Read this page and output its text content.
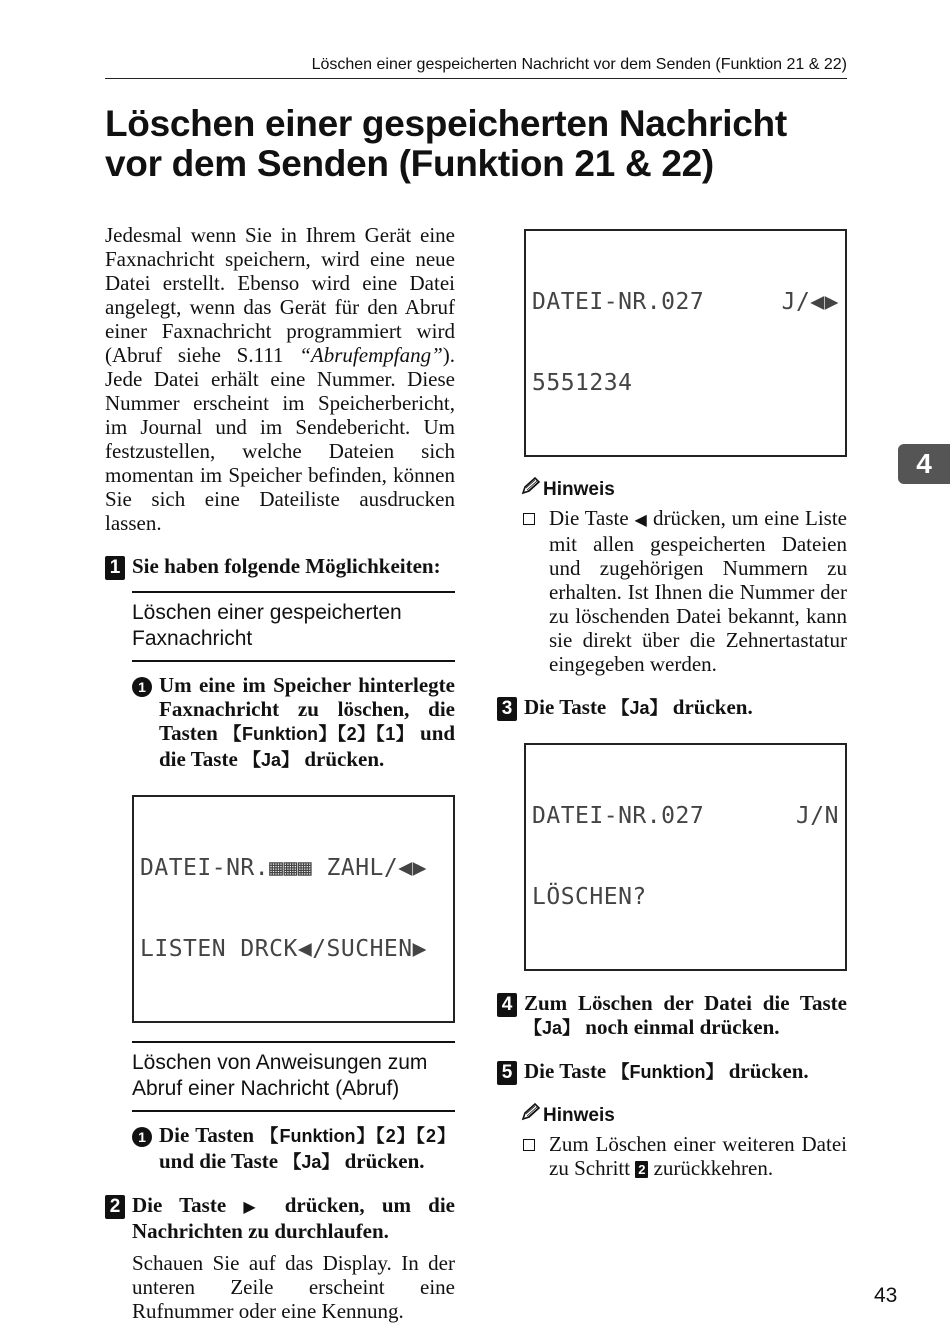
Löschen einer gespeicherten Nachricht vor dem Senden (Funktion 21 & 22)
Löschen einer gespeicherten Nachricht
vor dem Senden (Funktion 21 & 22)
4

Jedesmal wenn Sie in Ihrem Gerät eine Faxnachricht speichern, wird eine neue Datei erstellt. Ebenso wird eine Datei angelegt, wenn das Gerät für den Abruf einer Faxnachricht programmiert wird (Abruf siehe S.111 “Abrufempfang”). Jede Datei erhält eine Nummer. Diese Nummer erscheint im Speicherbericht, im Journal und im Sendebericht. Um festzustellen, welche Dateien sich momentan im Speicher befinden, können Sie sich eine Dateiliste ausdrucken lassen.

1 Sie haben folgende Möglichkeiten:
Löschen einer gespeicherten Faxnachricht
1 Um eine im Speicher hinterlegte Faxnachricht zu löschen, die Tasten 【Funktion】【2】【1】 und die Taste 【Ja】 drücken.

DATEI-NR.▦▦▦ ZAHL/◀▶

LISTEN DRCK◀/SUCHEN▶

Löschen von Anweisungen zum Abruf einer Nachricht (Abruf)
1 Die Tasten 【Funktion】【2】【2】 und die Taste 【Ja】 drücken.
2 Die Taste ▶ drücken, um die Nachrichten zu durchlaufen.

Schauen Sie auf das Display. In der unteren Zeile erscheint eine Rufnummer oder eine Kennung.

DATEI-NR.027	J/◀▶

5551234

Hinweis
Die Taste ◀ drücken, um eine Liste mit allen gespeicherten Dateien und zugehörigen Nummern zu erhalten. Ist Ihnen die Nummer der zu löschenden Datei bekannt, kann sie direkt über die Zehnertastatur eingegeben werden.
3 Die Taste 【Ja】 drücken.

DATEI-NR.027	J/N

LÖSCHEN?

4 Zum Löschen der Datei die Taste 【Ja】 noch einmal drücken.
5 Die Taste 【Funktion】 drücken.
Hinweis
Zum Löschen einer weiteren Datei zu Schritt 2 zurückkehren.
43
